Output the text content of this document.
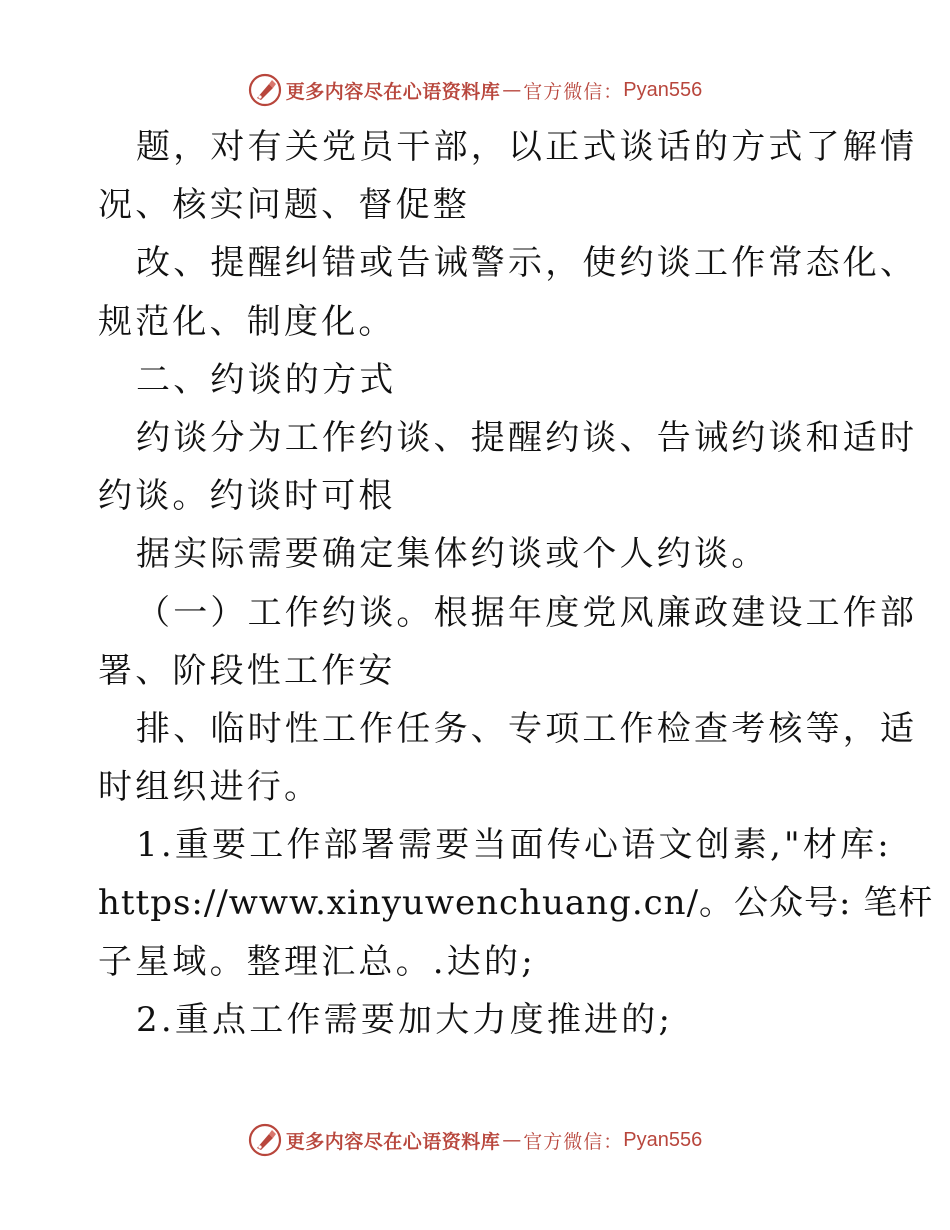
更多内容尽在心语资料库 — 官方微信： Pyan556
题，对有关党员干部，以正式谈话的方式了解情
况、核实问题、督促整
改、提醒纠错或告诫警示，使约谈工作常态化、
规范化、制度化。
二、约谈的方式
约谈分为工作约谈、提醒约谈、告诫约谈和适时
约谈。约谈时可根
据实际需要确定集体约谈或个人约谈。
（一）工作约谈。根据年度党风廉政建设工作部
署、阶段性工作安
排、临时性工作任务、专项工作检查考核等，适
时组织进行。
1.重要工作部署需要当面传心语文创素,"材库:
https://www.xinyuwenchuang.cn/。公众号: 笔杆
子星域。整理汇总。.达的;
2.重点工作需要加大力度推进的;
更多内容尽在心语资料库 — 官方微信： Pyan556
